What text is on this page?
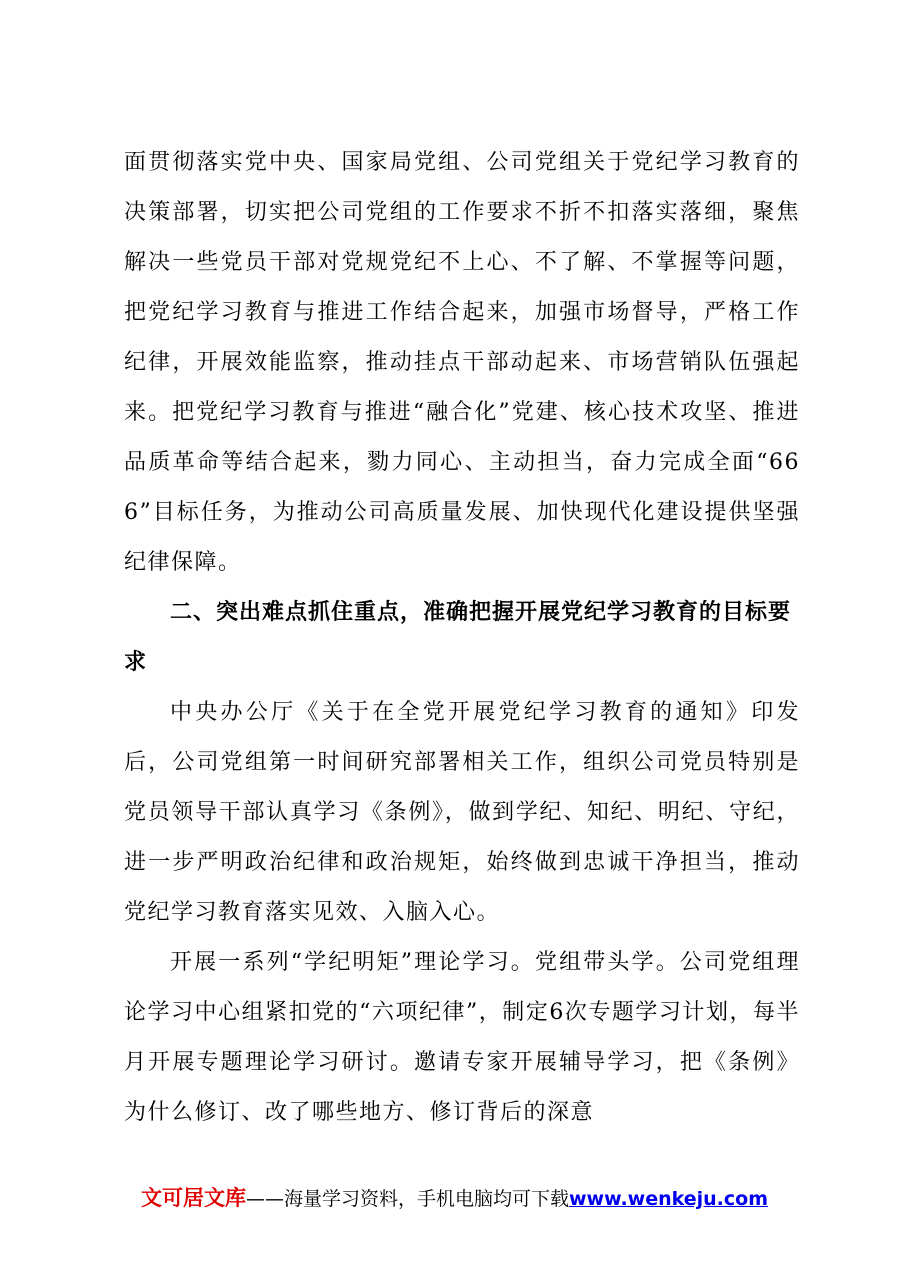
面贯彻落实党中央、国家局党组、公司党组关于党纪学习教育的决策部署，切实把公司党组的工作要求不折不扣落实落细，聚焦解决一些党员干部对党规党纪不上心、不了解、不掌握等问题，把党纪学习教育与推进工作结合起来，加强市场督导，严格工作纪律，开展效能监察，推动挂点干部动起来、市场营销队伍强起来。把党纪学习教育与推进“融合化”党建、核心技术攻坚、推进品质革命等结合起来，勠力同心、主动担当，奋力完成全面“666”目标任务，为推动公司高质量发展、加快现代化建设提供坚强纪律保障。

二、突出难点抓住重点，准确把握开展党纪学习教育的目标要求

中央办公厅《关于在全党开展党纪学习教育的通知》印发后，公司党组第一时间研究部署相关工作，组织公司党员特别是党员领导干部认真学习《条例》，做到学纪、知纪、明纪、守纪，进一步严明政治纪律和政治规矩，始终做到忠诚干净担当，推动党纪学习教育落实见效、入脑入心。

开展一系列“学纪明矩”理论学习。党组带头学。公司党组理论学习中心组紧扣党的“六项纪律”，制定6次专题学习计划，每半月开展专题理论学习研讨。邀请专家开展辅导学习，把《条例》为什么修订、改了哪些地方、修订背后的深意

文可居文库——海量学习资料，手机电脑均可下载www.wenkeju.com
